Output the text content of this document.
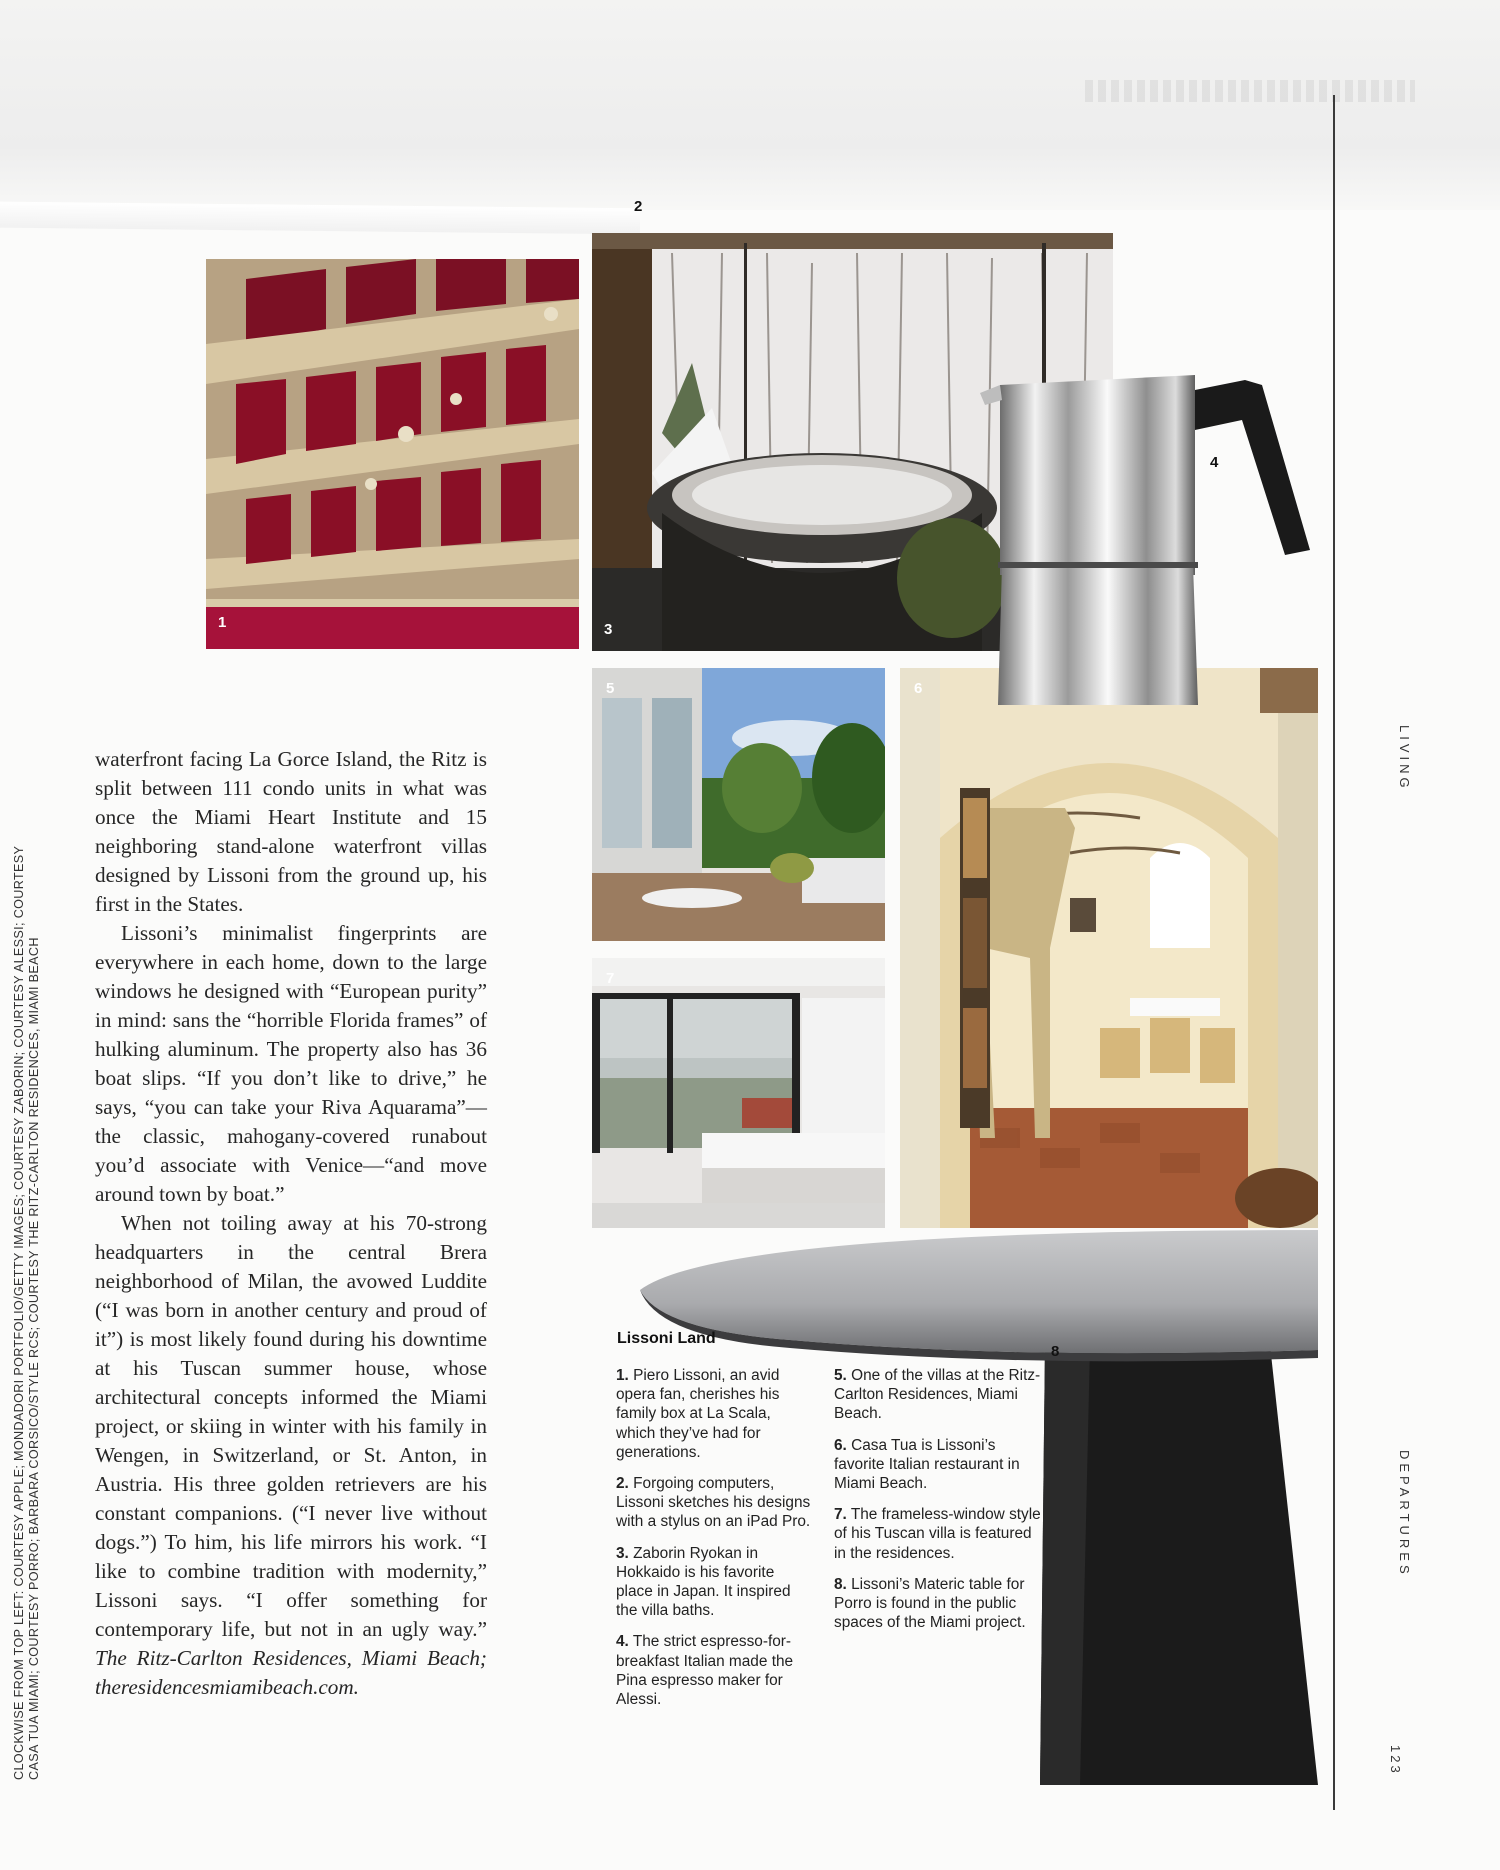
1	3
2
5
7
6
4
8

waterfront facing La Gorce Island, the Ritz is split between 111 condo units in what was once the Miami Heart Institute and 15 neighboring stand-alone waterfront villas designed by Lissoni from the ground up, his first in the States.

Lissoni’s minimalist fingerprints are everywhere in each home, down to the large windows he designed with “European purity” in mind: sans the “horrible Florida frames” of hulking aluminum. The property also has 36 boat slips. “If you don’t like to drive,” he says, “you can take your Riva Aquarama”—the classic, mahogany-covered runabout you’d associate with Venice—“and move around town by boat.”

When not toiling away at his 70-strong headquarters in the central Brera neighborhood of Milan, the avowed Luddite (“I was born in another century and proud of it”) is most likely found during his downtime at his Tuscan summer house, whose architectural concepts informed the Miami project, or skiing in winter with his family in Wengen, in Switzerland, or St. Anton, in Austria. His three golden retrievers are his constant companions. (“I never live without dogs.”) To him, his life mirrors his work. “I like to combine tradition with modernity,” Lissoni says. “I offer something for contemporary life, but not in an ugly way.” The Ritz-Carlton Residences, Miami Beach; theresidencesmiamibeach.com.

CLOCKWISE FROM TOP LEFT: COURTESY APPLE; MONDADORI PORTFOLIO/GETTY IMAGES; COURTESY ZABORIN; COURTESY ALESSI; COURTESY CASA TUA MIAMI; COURTESY PORRO; BARBARA CORSICO/STYLE RCS; COURTESY THE RITZ-CARLTON RESIDENCES, MIAMI BEACH
LIVING
DEPARTURES
123
Lissoni Land
1. Piero Lissoni, an avid opera fan, cherishes his family box at La Scala, which they’ve had for generations.
2. Forgoing computers, Lissoni sketches his designs with a stylus on an iPad Pro.
3. Zaborin Ryokan in Hokkaido is his favorite place in Japan. It inspired the villa baths.
4. The strict espresso-for-breakfast Italian made the Pina espresso maker for Alessi.
5. One of the villas at the Ritz-Carlton Residences, Miami Beach.
6. Casa Tua is Lissoni’s favorite Italian restaurant in Miami Beach.
7. The frameless-window style of his Tuscan villa is featured in the residences.
8. Lissoni’s Materic table for Porro is found in the public spaces of the Miami project.
